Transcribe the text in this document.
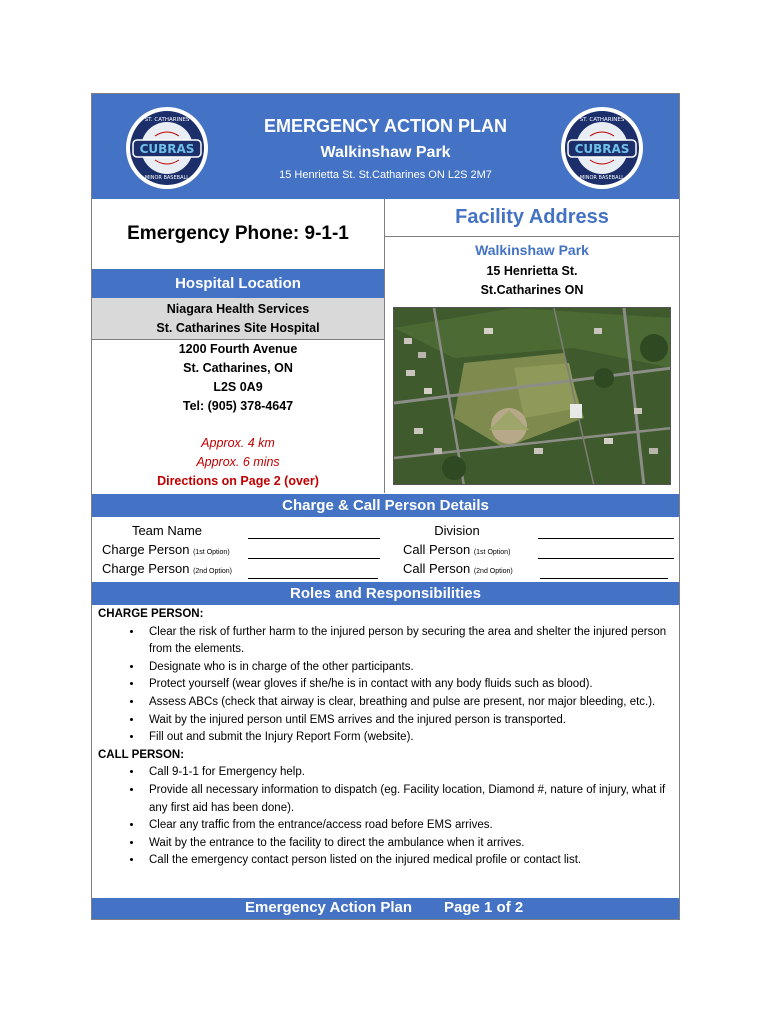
CUBRAS
ST. CATHARINES
MINOR BASEBALL
CUBRAS
ST. CATHARINES
MINOR BASEBALL
EMERGENCY ACTION PLAN
Walkinshaw Park
15 Henrietta St. St.Catharines ON L2S 2M7
Emergency Phone: 9-1-1
Hospital Location
Niagara Health Services
St. Catharines Site Hospital
1200 Fourth Avenue
St. Catharines, ON
L2S 0A9
Tel: (905) 378-4647
Approx. 4 km
Approx. 6 mins
Directions on Page 2 (over)
Facility Address
Walkinshaw Park
15 Henrietta St.
St.Catharines ON
Charge & Call Person Details
Team Name
Charge Person (1st Option)
Charge Person (2nd Option)
Division
Call Person (1st Option)
Call Person (2nd Option)
Roles and Responsibilities
CHARGE PERSON:
• Clear the risk of further harm to the injured person by securing the area and shelter the injured person from the elements.
• Designate who is in charge of the other participants.
• Protect yourself (wear gloves if she/he is in contact with any body fluids such as blood).
• Assess ABCs (check that airway is clear, breathing and pulse are present, nor major bleeding, etc.).
• Wait by the injured person until EMS arrives and the injured person is transported.
• Fill out and submit the Injury Report Form (website).
CALL PERSON:
• Call 9-1-1 for Emergency help.
• Provide all necessary information to dispatch (eg. Facility location, Diamond #, nature of injury, what if any first aid has been done).
• Clear any traffic from the entrance/access road before EMS arrives.
• Wait by the entrance to the facility to direct the ambulance when it arrives.
• Call the emergency contact person listed on the injured medical profile or contact list.
Emergency Action Plan Page 1 of 2
